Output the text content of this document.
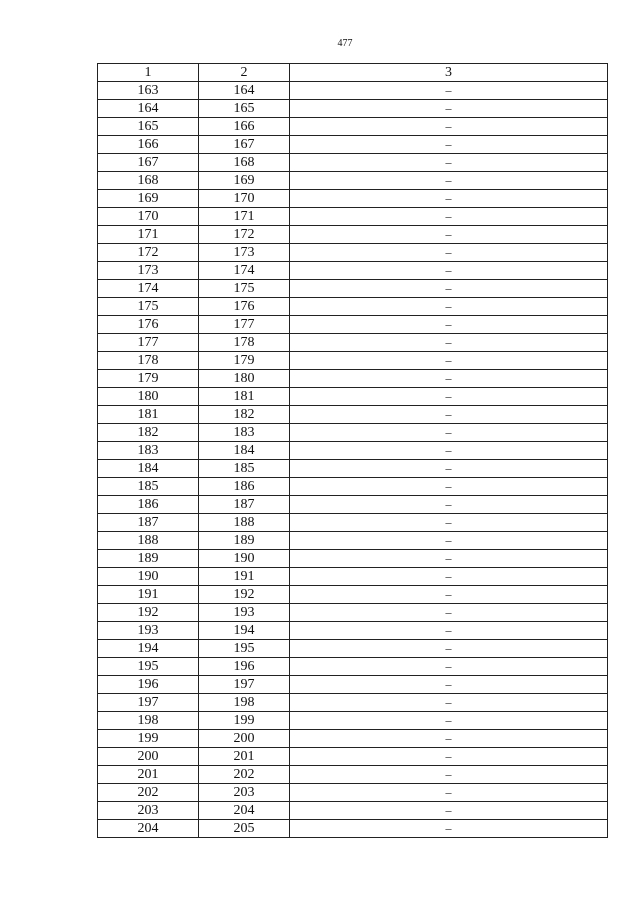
477
1	2	3
163	164	–
164	165	–
165	166	–
166	167	–
167	168	–
168	169	–
169	170	–
170	171	–
171	172	–
172	173	–
173	174	–
174	175	–
175	176	–
176	177	–
177	178	–
178	179	–
179	180	–
180	181	–
181	182	–
182	183	–
183	184	–
184	185	–
185	186	–
186	187	–
187	188	–
188	189	–
189	190	–
190	191	–
191	192	–
192	193	–
193	194	–
194	195	–
195	196	–
196	197	–
197	198	–
198	199	–
199	200	–
200	201	–
201	202	–
202	203	–
203	204	–
204	205	–
